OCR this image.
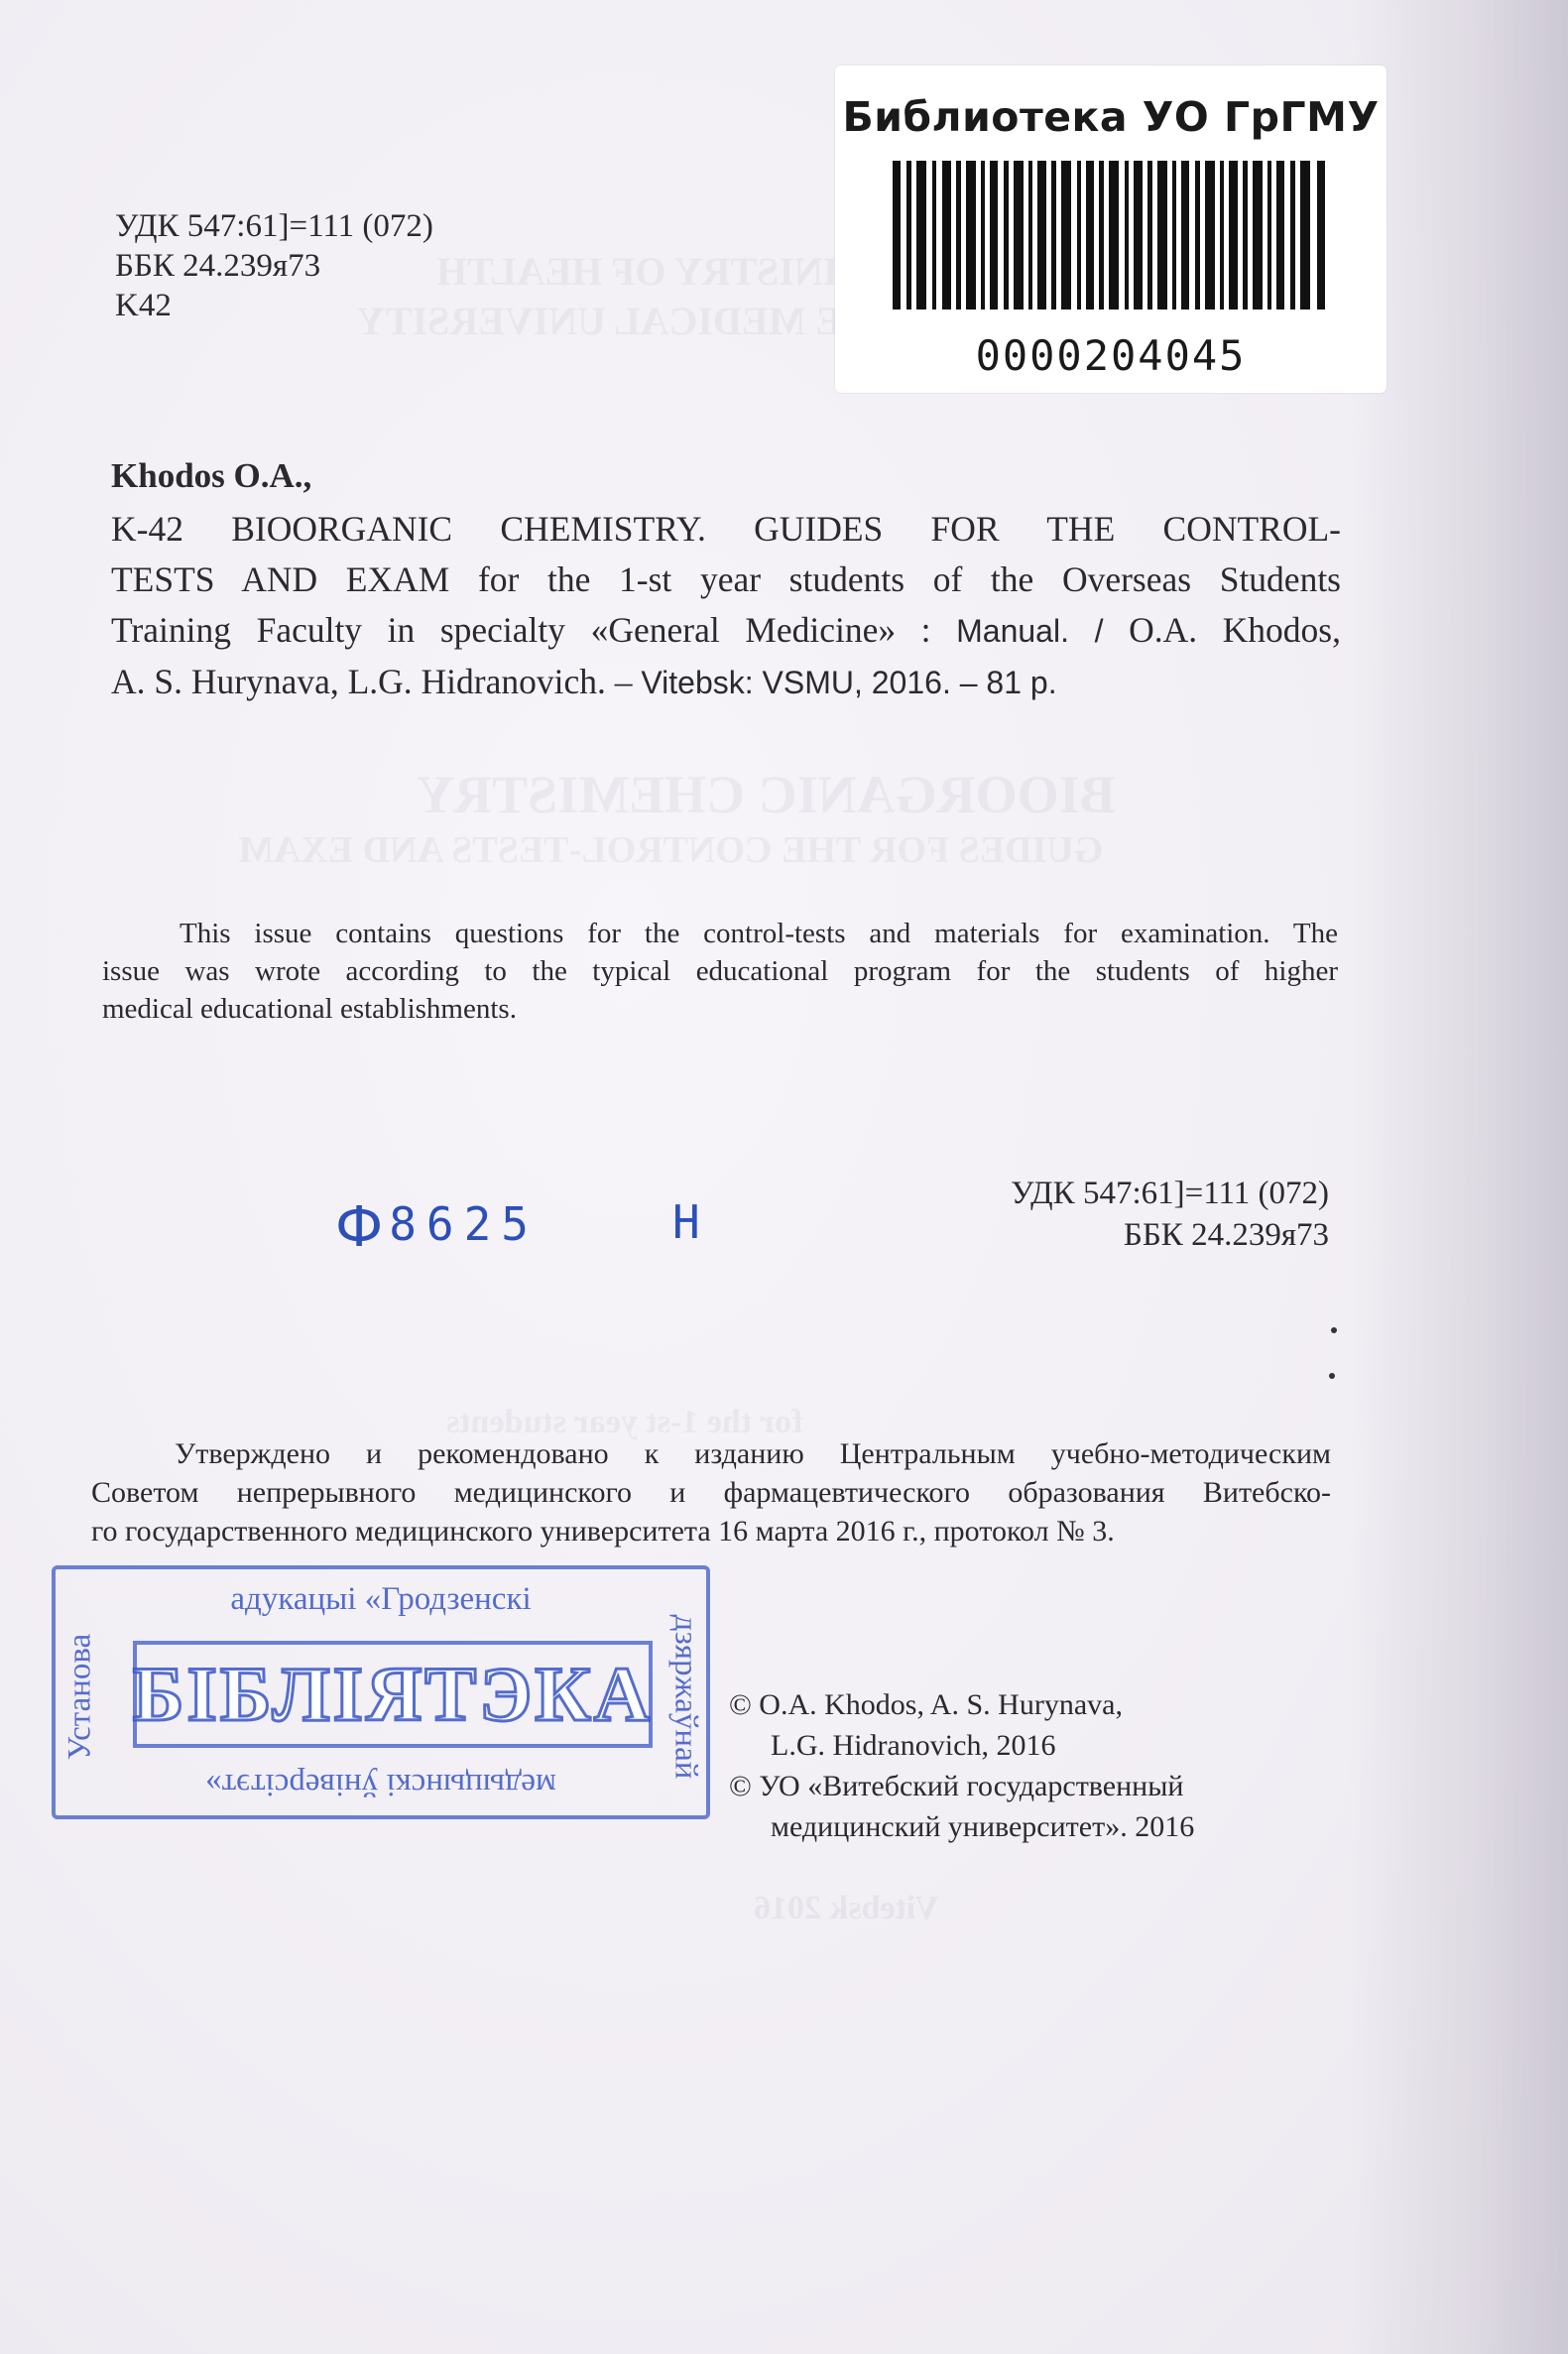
MINISTRY OF HEALTH
VITEBSK STATE MEDICAL UNIVERSITY
BIOORGANIC CHEMISTRY
GUIDES FOR THE CONTROL-TESTS AND EXAM
for the 1-st year students
Vitebsk 2016
Библиотека УО ГрГМУ
0000204045
УДК 547:61]=111 (072)
ББК 24.239я73
K42
Khodos O.A.,
K-42 BIOORGANIC CHEMISTRY. GUIDES FOR THE CONTROL-
TESTS AND EXAM for the 1-st year students of the Overseas Students
Training Faculty in specialty «General Medicine» : Manual. / O.A. Khodos,
A. S. Hurynava, L.G. Hidranovich. – Vitebsk: VSMU, 2016. – 81 p.
This issue contains questions for the control-tests and materials for examination. The
issue was wrote according to the typical educational program for the students of higher
medical educational establishments.
УДК 547:61]=111 (072)
ББК 24.239я73
Ф 8625	Н
Утверждено и рекомендовано к изданию Центральным учебно-методическим
Советом непрерывного медицинского и фармацевтического образования Витебско-
го государственного медицинского университета 16 марта 2016 г., протокол № 3.
адукацыі «Гродзенскі
Установа	дзяржаўнай
БІБЛІЯТЭКА
медыцынскі ўніверсітэт»
© O.A. Khodos, A. S. Hurynava,
L.G. Hidranovich, 2016
© УО «Витебский государственный
медицинский университет». 2016
